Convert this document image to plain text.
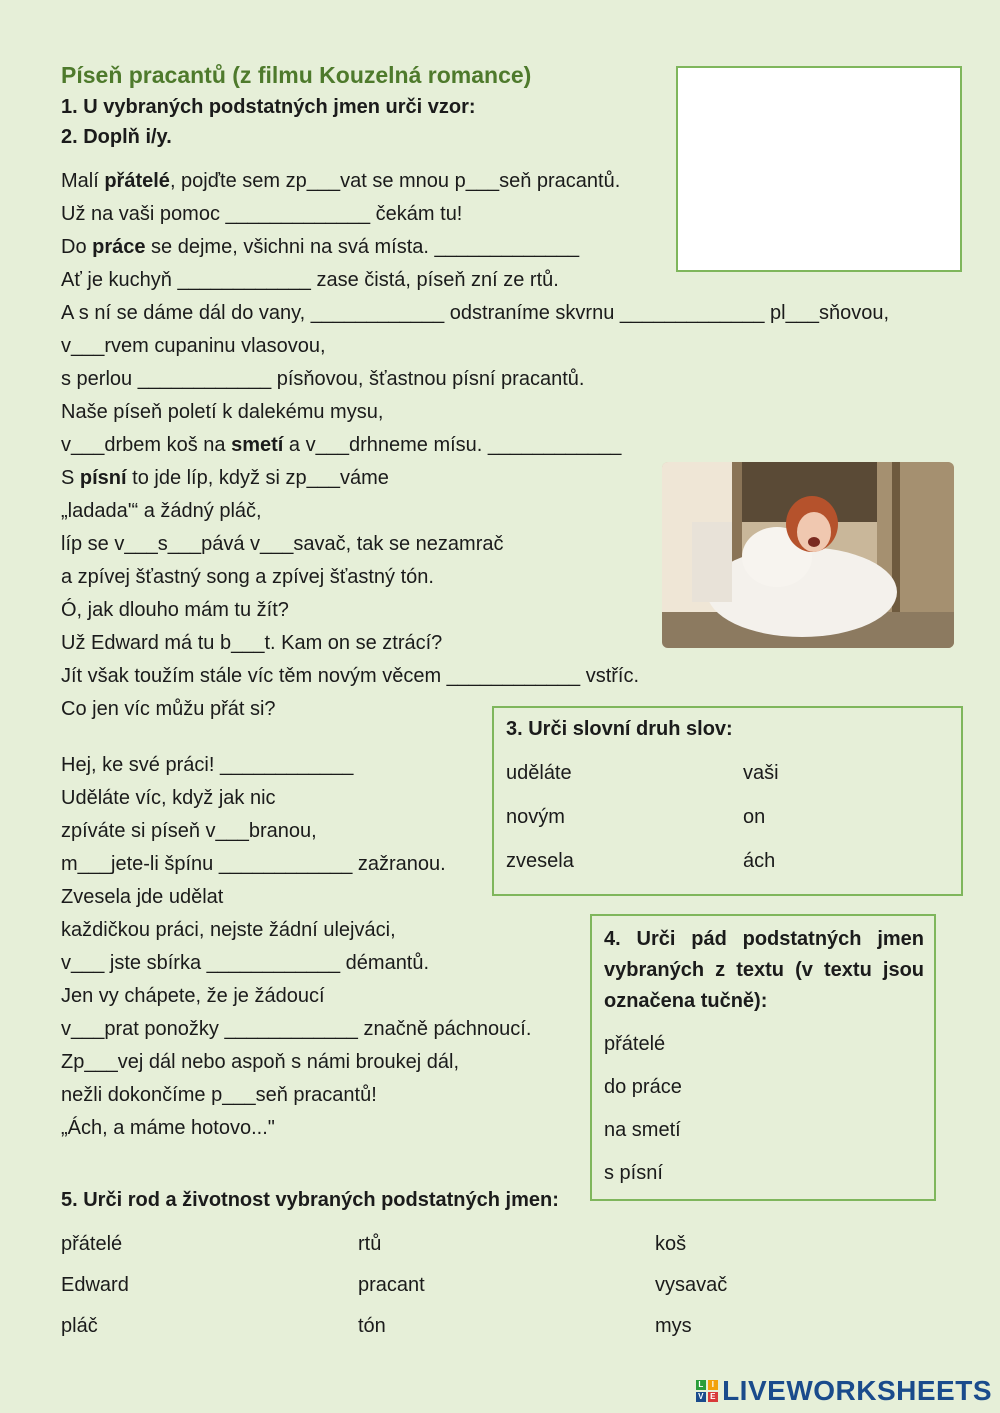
Píseň pracantů (z filmu Kouzelná romance)
1. U vybraných podstatných jmen urči vzor:
2. Doplň i/y.
Malí přátelé, pojďte sem zp___vat se mnou p___seň pracantů.
Už na vaši pomoc _____________ čekám tu!
Do práce se dejme, všichni na svá místa. _____________
Ať je kuchyň ____________ zase čistá, píseň zní ze rtů.
A s ní se dáme dál do vany, ____________ odstraníme skvrnu _____________ pl___sňovou,
v___rvem cupaninu vlasovou,
s perlou ____________ písňovou, šťastnou písní pracantů.
Naše píseň poletí k dalekému mysu,
v___drbem koš na smetí a v___drhneme mísu. ____________
S písní to jde líp, když si zp___váme
„ladada'“ a žádný pláč,
líp se v___s___pává v___savač, tak se nezamrač
a zpívej šťastný song a zpívej šťastný tón.
Ó, jak dlouho mám tu žít?
Už Edward má tu b___t. Kam on se ztrácí?
Jít však toužím stále víc těm novým věcem ____________ vstříc.
Co jen víc můžu přát si?
Hej, ke své práci! ____________
Uděláte víc, když jak nic
zpíváte si píseň v___branou,
m___jete-li špínu ____________ zažranou.
Zvesela jde udělat
každičkou práci, nejste žádní ulejváci,
v___ jste sbírka ____________ démantů.
Jen vy chápete, že je žádoucí
v___prat ponožky ____________ značně páchnoucí.
Zp___vej dál nebo aspoň s námi broukej dál,
nežli dokončíme p___seň pracantů!
„Ách, a máme hotovo..."
3. Urči slovní druh slov:
uděláte
novým
zvesela
vaši
on
ách
4. Urči pád podstatných jmen vybraných z textu (v textu jsou označena tučně):
přátelé
do práce
na smetí
s písní
5. Urči rod a životnost vybraných podstatných jmen:
přátelé
Edward
pláč
rtů
pracant
tón
koš
vysavač
mys
L I
V E LIVEWORKSHEETS
